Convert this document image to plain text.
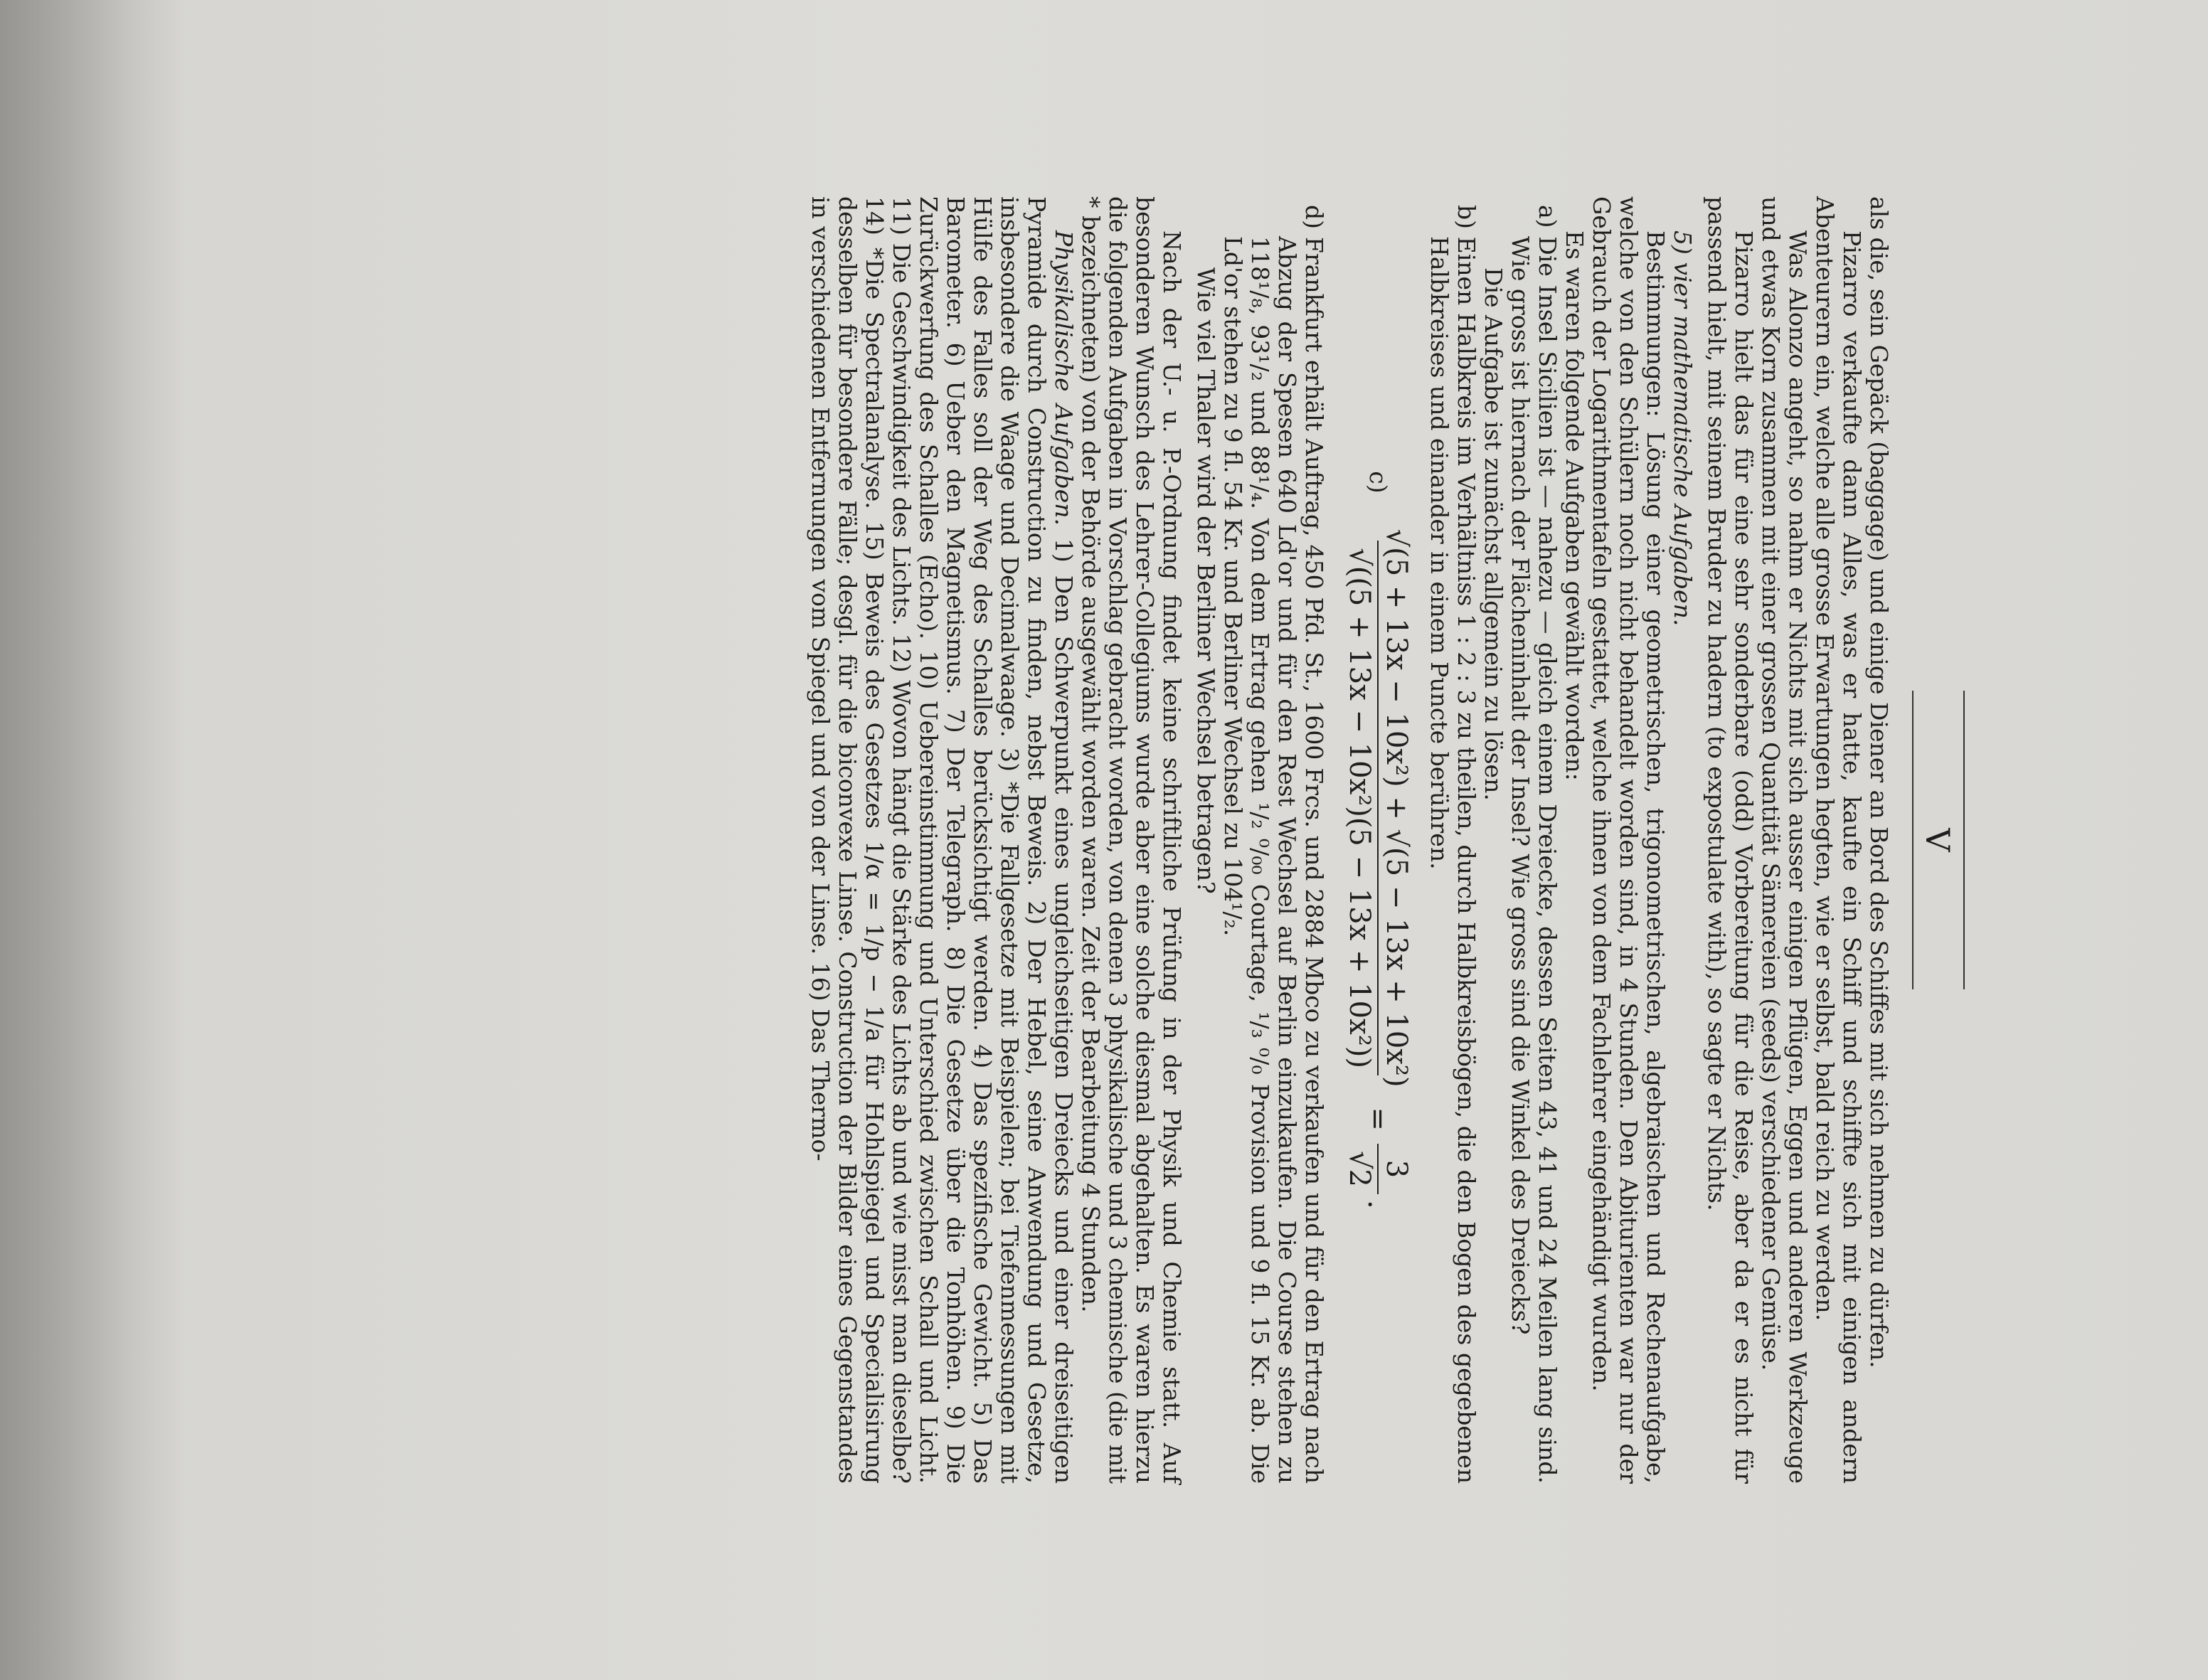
V

als die, sein Gepäck (baggage) und einige Diener an Bord des Schiffes mit sich nehmen zu dürfen.

Pizarro verkaufte dann Alles, was er hatte, kaufte ein Schiff und schiffte sich mit einigen andern Abenteurern ein, welche alle grosse Erwartungen hegten, wie er selbst, bald reich zu werden.

Was Alonzo angeht, so nahm er Nichts mit sich ausser einigen Pflügen, Eggen und anderen Werkzeuge und etwas Korn zusammen mit einer grossen Quantität Sämereien (seeds) verschiedener Gemüse.

Pizarro hielt das für eine sehr sonderbare (odd) Vorbereitung für die Reise, aber da er es nicht für passend hielt, mit seinem Bruder zu hadern (to expostulate with), so sagte er Nichts.

5) vier mathematische Aufgaben.

Bestimmungen: Lösung einer geometrischen, trigonometrischen, algebraischen und Rechenaufgabe, welche von den Schülern noch nicht behandelt worden sind, in 4 Stunden. Den Abiturienten war nur der Gebrauch der Logarithmentafeln gestattet, welche ihnen von dem Fachlehrer eingehändigt wurden.

Es waren folgende Aufgaben gewählt worden:

a) Die Insel Sicilien ist — nahezu — gleich einem Dreiecke, dessen Seiten 43, 41 und 24 Meilen lang sind. Wie gross ist hiernach der Flächeninhalt der Insel? Wie gross sind die Winkel des Dreiecks?

Die Aufgabe ist zunächst allgemein zu lösen.

b) Einen Halbkreis im Verhältniss 1 : 2 : 3 zu theilen, durch Halbkreisbögen, die den Bogen des gegebenen Halbkreises und einander in einem Puncte berühren.

c)
√(5 + 13x − 10x²) + √(5 − 13x + 10x²)
√((5 + 13x − 10x²)(5 − 13x + 10x²))
=
3
√2
.

d) Frankfurt erhält Auftrag, 450 Pfd. St., 1600 Frcs. und 2884 Mbco zu verkaufen und für den Ertrag nach Abzug der Spesen 640 Ld'or und für den Rest Wechsel auf Berlin einzukaufen. Die Course stehen zu 118¹/₈, 93¹/₂ und 88¹/₄. Von dem Ertrag gehen ¹/₂ ⁰/₀₀ Courtage, ¹/₃ ⁰/₀ Provision und 9 fl. 15 Kr. ab. Die Ld'or stehen zu 9 fl. 54 Kr. und Berliner Wechsel zu 104¹/₂.

Wie viel Thaler wird der Berliner Wechsel betragen?

Nach der U.- u. P.-Ordnung findet keine schriftliche Prüfung in der Physik und Chemie statt. Auf besonderen Wunsch des Lehrer-Collegiums wurde aber eine solche diesmal abgehalten. Es waren hierzu die folgenden Aufgaben in Vorschlag gebracht worden, von denen 3 physikalische und 3 chemische (die mit * bezeichneten) von der Behörde ausgewählt worden waren. Zeit der Bearbeitung 4 Stunden.

Physikalische Aufgaben. 1) Den Schwerpunkt eines ungleichseitigen Dreiecks und einer dreiseitigen Pyramide durch Construction zu finden, nebst Beweis. 2) Der Hebel, seine Anwendung und Gesetze, insbesondere die Waage und Decimalwaage. 3) *Die Fallgesetze mit Beispielen; bei Tiefenmessungen mit Hülfe des Falles soll der Weg des Schalles berücksichtigt werden. 4) Das spezifische Gewicht. 5) Das Barometer. 6) Ueber den Magnetismus. 7) Der Telegraph. 8) Die Gesetze über die Tonhöhen. 9) Die Zurückwerfung des Schalles (Echo). 10) Uebereinstimmung und Unterschied zwischen Schall und Licht. 11) Die Geschwindigkeit des Lichts. 12) Wovon hängt die Stärke des Lichts ab und wie misst man dieselbe? 14) *Die Spectralanalyse. 15) Beweis des Gesetzes 1/α = 1/p − 1/a für Hohlspiegel und Specialisirung desselben für besondere Fälle; desgl. für die biconvexe Linse. Construction der Bilder eines Gegenstandes in verschiedenen Entfernungen vom Spiegel und von der Linse. 16) Das Thermo-
